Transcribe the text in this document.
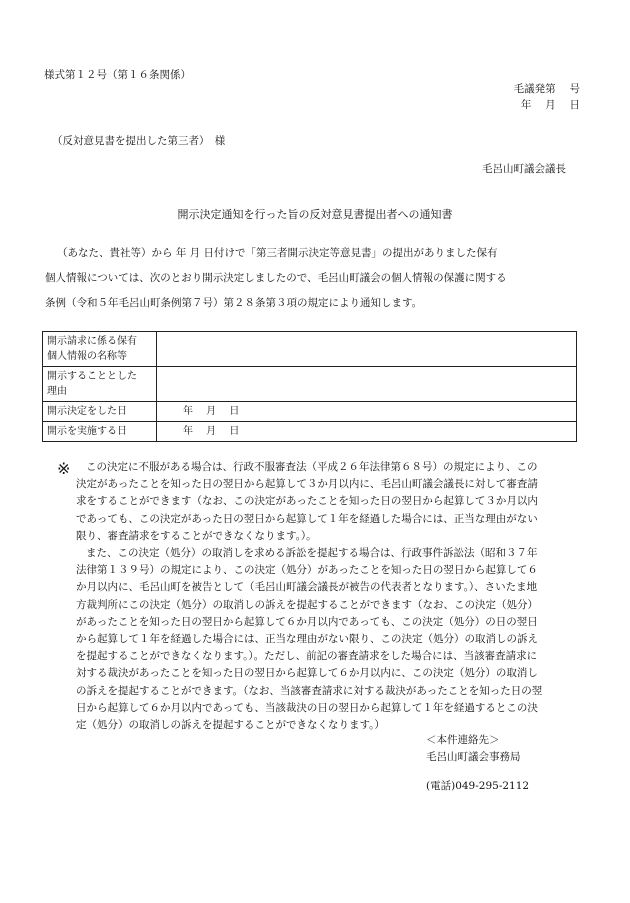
様式第１２号（第１６条関係）
毛議発第　 号
年　 月　 日
（反対意見書を提出した第三者）　様
毛呂山町議会議長
開示決定通知を行った旨の反対意見書提出者への通知書
（あなた、貴社等）から 年 月 日付けで「第三者開示決定等意見書」の提出がありました保有
個人情報については、次のとおり開示決定しましたので、毛呂山町議会の個人情報の保護に関する
条例（令和５年毛呂山町条例第７号）第２８条第３項の規定により通知します。
開示請求に係る保有
個人情報の名称等	

開示することとした
理由	

開示決定をした日	年　 月　 日

開示を実施する日	年　 月　 日
※	この決定に不服がある場合は、行政不服審査法（平成２６年法律第６８号）の規定により、この
決定があったことを知った日の翌日から起算して３か月以内に、毛呂山町議会議長に対して審査請
求をすることができます（なお、この決定があったことを知った日の翌日から起算して３か月以内
であっても、この決定があった日の翌日から起算して１年を経過した場合には、正当な理由がない
限り、審査請求をすることができなくなります。）。
また、この決定（処分）の取消しを求める訴訟を提起する場合は、行政事件訴訟法（昭和３７年
法律第１３９号）の規定により、この決定（処分）があったことを知った日の翌日から起算して６
か月以内に、毛呂山町を被告として（毛呂山町議会議長が被告の代表者となります。）、さいたま地
方裁判所にこの決定（処分）の取消しの訴えを提起することができます（なお、この決定（処分）
があったことを知った日の翌日から起算して６か月以内であっても、この決定（処分）の日の翌日
から起算して１年を経過した場合には、正当な理由がない限り、この決定（処分）の取消しの訴え
を提起することができなくなります。）。ただし、前記の審査請求をした場合には、当該審査請求に
対する裁決があったことを知った日の翌日から起算して６か月以内に、この決定（処分）の取消し
の訴えを提起することができます。（なお、当該審査請求に対する裁決があったことを知った日の翌
日から起算して６か月以内であっても、当該裁決の日の翌日から起算して１年を経過するとこの決
定（処分）の取消しの訴えを提起することができなくなります。）
＜本件連絡先＞
毛呂山町議会事務局
(電話)049-295-2112
